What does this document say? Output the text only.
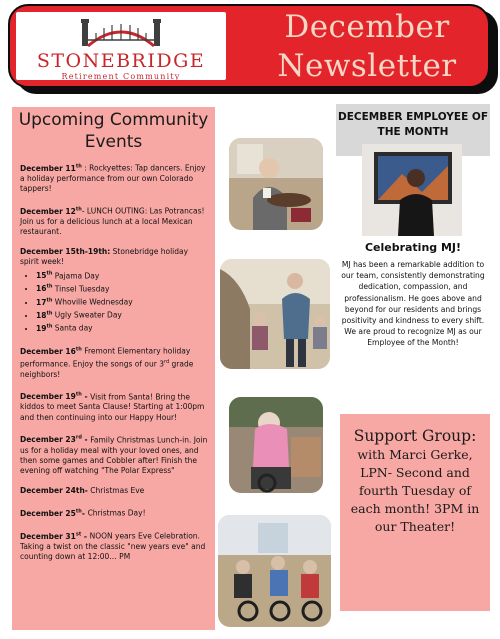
STONEBRIDGE
Retirement Community
December
Newsletter
Upcoming Community Events
December 11th : Rockyettes: Tap dancers. Enjoy a holiday performance from our own Colorado tappers!
December 12th- LUNCH OUTING: Las Potrancas! Join us for a delicious lunch at a local Mexican restaurant.
December 15th-19th: Stonebridge holiday spirit week!
• 15th Pajama Day
• 16th Tinsel Tuesday
• 17th Whoville Wednesday
• 18th Ugly Sweater Day
• 19th Santa day
December 16th Fremont Elementary holiday performance. Enjoy the songs of our 3rd grade neighbors!
December 19th - Visit from Santa! Bring the kiddos to meet Santa Clause! Starting at 1:00pm and then continuing into our Happy Hour!
December 23rd - Family Christmas Lunch-in. Join us for a holiday meal with your loved ones, and then some games and Cobbler after! Finish the evening off watching "The Polar Express"
December 24th- Christmas Eve
December 25th- Christmas Day!
December 31st - NOON years Eve Celebration. Taking a twist on the classic "new years eve" and counting down at 12:00… PM
DECEMBER EMPLOYEE OF THE MONTH
Celebrating MJ!
MJ has been a remarkable addition to our team, consistently demonstrating dedication, compassion, and professionalism. He goes above and beyond for our residents and brings positivity and kindness to every shift. We are proud to recognize MJ as our Employee of the Month!
Support Group:
with Marci Gerke, LPN- Second and fourth Tuesday of each month! 3PM in our Theater!
